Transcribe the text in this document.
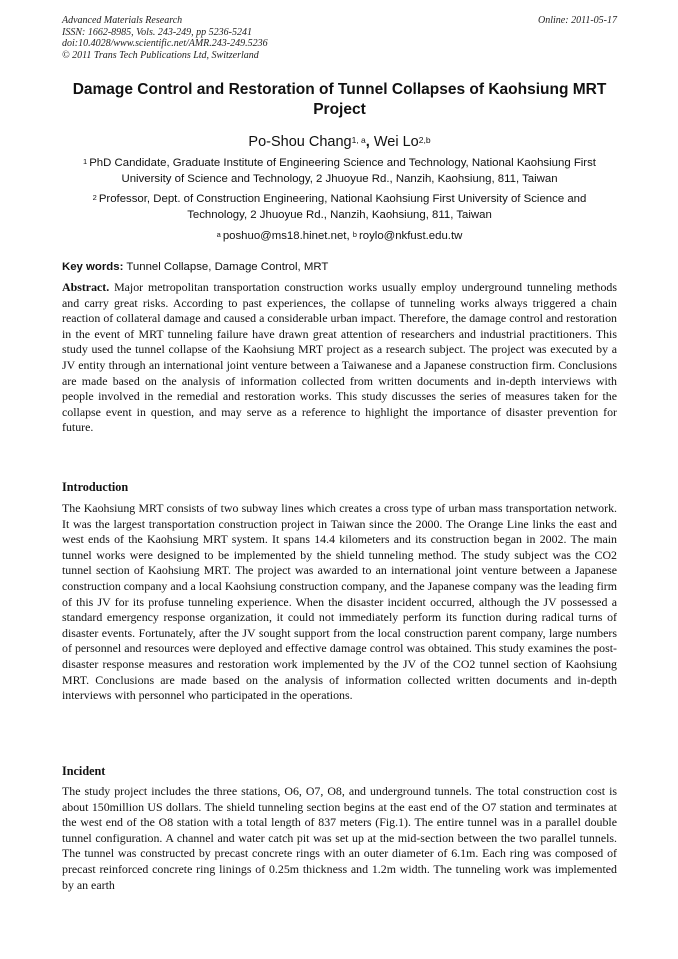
Advanced Materials Research
ISSN: 1662-8985, Vols. 243-249, pp 5236-5241
doi:10.4028/www.scientific.net/AMR.243-249.5236
© 2011 Trans Tech Publications Ltd, Switzerland
Online: 2011-05-17
Damage Control and Restoration of Tunnel Collapses of Kaohsiung MRT Project
Po-Shou Chang$^{1, a}$, Wei Lo$^{2,b}$
$^1$ PhD Candidate, Graduate Institute of Engineering Science and Technology, National Kaohsiung First University of Science and Technology, 2 Jhuoyue Rd., Nanzih, Kaohsiung, 811, Taiwan
$^2$ Professor, Dept. of Construction Engineering, National Kaohsiung First University of Science and Technology, 2 Jhuoyue Rd., Nanzih, Kaohsiung, 811, Taiwan
$^a$ poshuo@ms18.hinet.net, $^b$ roylo@nkfust.edu.tw
Key words: Tunnel Collapse, Damage Control, MRT
Abstract. Major metropolitan transportation construction works usually employ underground tunneling methods and carry great risks. According to past experiences, the collapse of tunneling works always triggered a chain reaction of collateral damage and caused a considerable urban impact. Therefore, the damage control and restoration in the event of MRT tunneling failure have drawn great attention of researchers and industrial practitioners. This study used the tunnel collapse of the Kaohsiung MRT project as a research subject. The project was executed by a JV entity through an international joint venture between a Taiwanese and a Japanese construction firm. Conclusions are made based on the analysis of information collected from written documents and in-depth interviews with people involved in the remedial and restoration works. This study discusses the series of measures taken for the collapse event in question, and may serve as a reference to highlight the importance of disaster prevention for future.
Introduction
The Kaohsiung MRT consists of two subway lines which creates a cross type of urban mass transportation network. It was the largest transportation construction project in Taiwan since the 2000. The Orange Line links the east and west ends of the Kaohsiung MRT system. It spans 14.4 kilometers and its construction began in 2002. The main tunnel works were designed to be implemented by the shield tunneling method. The study subject was the CO2 tunnel section of Kaohsiung MRT. The project was awarded to an international joint venture between a Japanese construction company and a local Kaohsiung construction company, and the Japanese company was the leading firm of this JV for its profuse tunneling experience. When the disaster incident occurred, although the JV possessed a standard emergency response organization, it could not immediately perform its function during radical turns of disaster events. Fortunately, after the JV sought support from the local construction parent company, large numbers of personnel and resources were deployed and effective damage control was obtained. This study examines the post-disaster response measures and restoration work implemented by the JV of the CO2 tunnel section of Kaohsiung MRT. Conclusions are made based on the analysis of information collected written documents and in-depth interviews with personnel who participated in the operations.
Incident
The study project includes the three stations, O6, O7, O8, and underground tunnels. The total construction cost is about 150million US dollars. The shield tunneling section begins at the east end of the O7 station and terminates at the west end of the O8 station with a total length of 837 meters (Fig.1). The entire tunnel was in a parallel double tunnel configuration. A channel and water catch pit was set up at the mid-section between the two parallel tunnels. The tunnel was constructed by precast concrete rings with an outer diameter of 6.1m. Each ring was composed of precast reinforced concrete ring linings of 0.25m thickness and 1.2m width. The tunneling work was implemented by an earth
